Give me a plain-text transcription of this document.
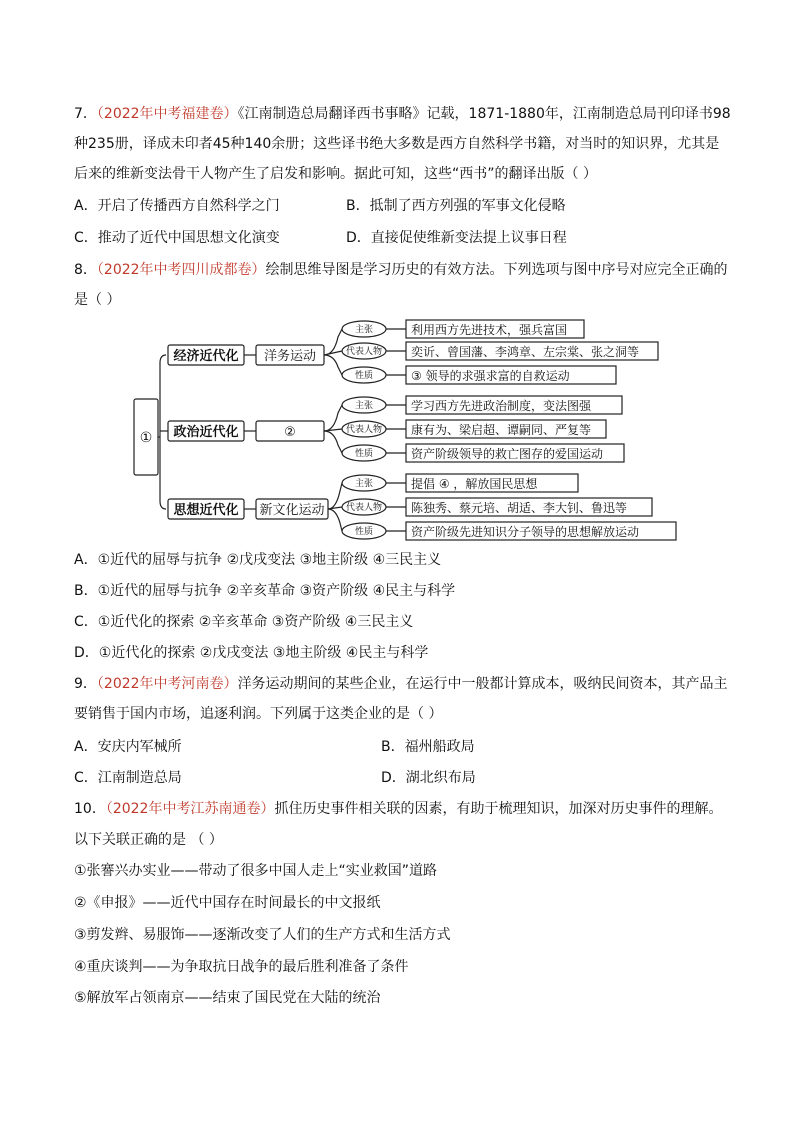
7．（2022年中考福建卷）《江南制造总局翻译西书事略》记载，1871-1880年，江南制造总局刊印译书98
种235册，译成未印者45种140余册；这些译书绝大多数是西方自然科学书籍，对当时的知识界，尤其是
后来的维新变法骨干人物产生了启发和影响。据此可知，这些“西书”的翻译出版（ ）
A．开启了传播西方自然科学之门	B．抵制了西方列强的军事文化侵略
C．推动了近代中国思想文化演变	D．直接促使维新变法提上议事日程
8．（2022年中考四川成都卷）绘制思维导图是学习历史的有效方法。下列选项与图中序号对应完全正确的
是（ ）
①
经济近代化
政治近代化
思想近代化
洋务运动
②
新文化运动
主张
代表人物
性质
主张
代表人物
性质
主张
代表人物
性质
利用西方先进技术，强兵富国
奕䜣、曾国藩、李鸿章、左宗棠、张之洞等
③ 领导的求强求富的自救运动
学习西方先进政治制度，变法图强
康有为、梁启超、谭嗣同、严复等
资产阶级领导的救亡图存的爱国运动
提倡 ④ ，解放国民思想
陈独秀、蔡元培、胡适、李大钊、鲁迅等
资产阶级先进知识分子领导的思想解放运动
A．①近代的屈辱与抗争 ②戊戌变法 ③地主阶级 ④三民主义
B．①近代的屈辱与抗争 ②辛亥革命 ③资产阶级 ④民主与科学
C．①近代化的探索 ②辛亥革命 ③资产阶级 ④三民主义
D．①近代化的探索 ②戊戌变法 ③地主阶级 ④民主与科学
9．（2022年中考河南卷）洋务运动期间的某些企业，在运行中一般都计算成本，吸纳民间资本，其产品主
要销售于国内市场，追逐利润。下列属于这类企业的是（ ）
A．安庆内军械所	B．福州船政局
C．江南制造总局	D．湖北织布局
10．（2022年中考江苏南通卷）抓住历史事件相关联的因素，有助于梳理知识，加深对历史事件的理解。
以下关联正确的是 （ ）
①张謇兴办实业——带动了很多中国人走上“实业救国”道路
②《申报》——近代中国存在时间最长的中文报纸
③剪发辫、易服饰——逐渐改变了人们的生产方式和生活方式
④重庆谈判——为争取抗日战争的最后胜利准备了条件
⑤解放军占领南京——结束了国民党在大陆的统治
